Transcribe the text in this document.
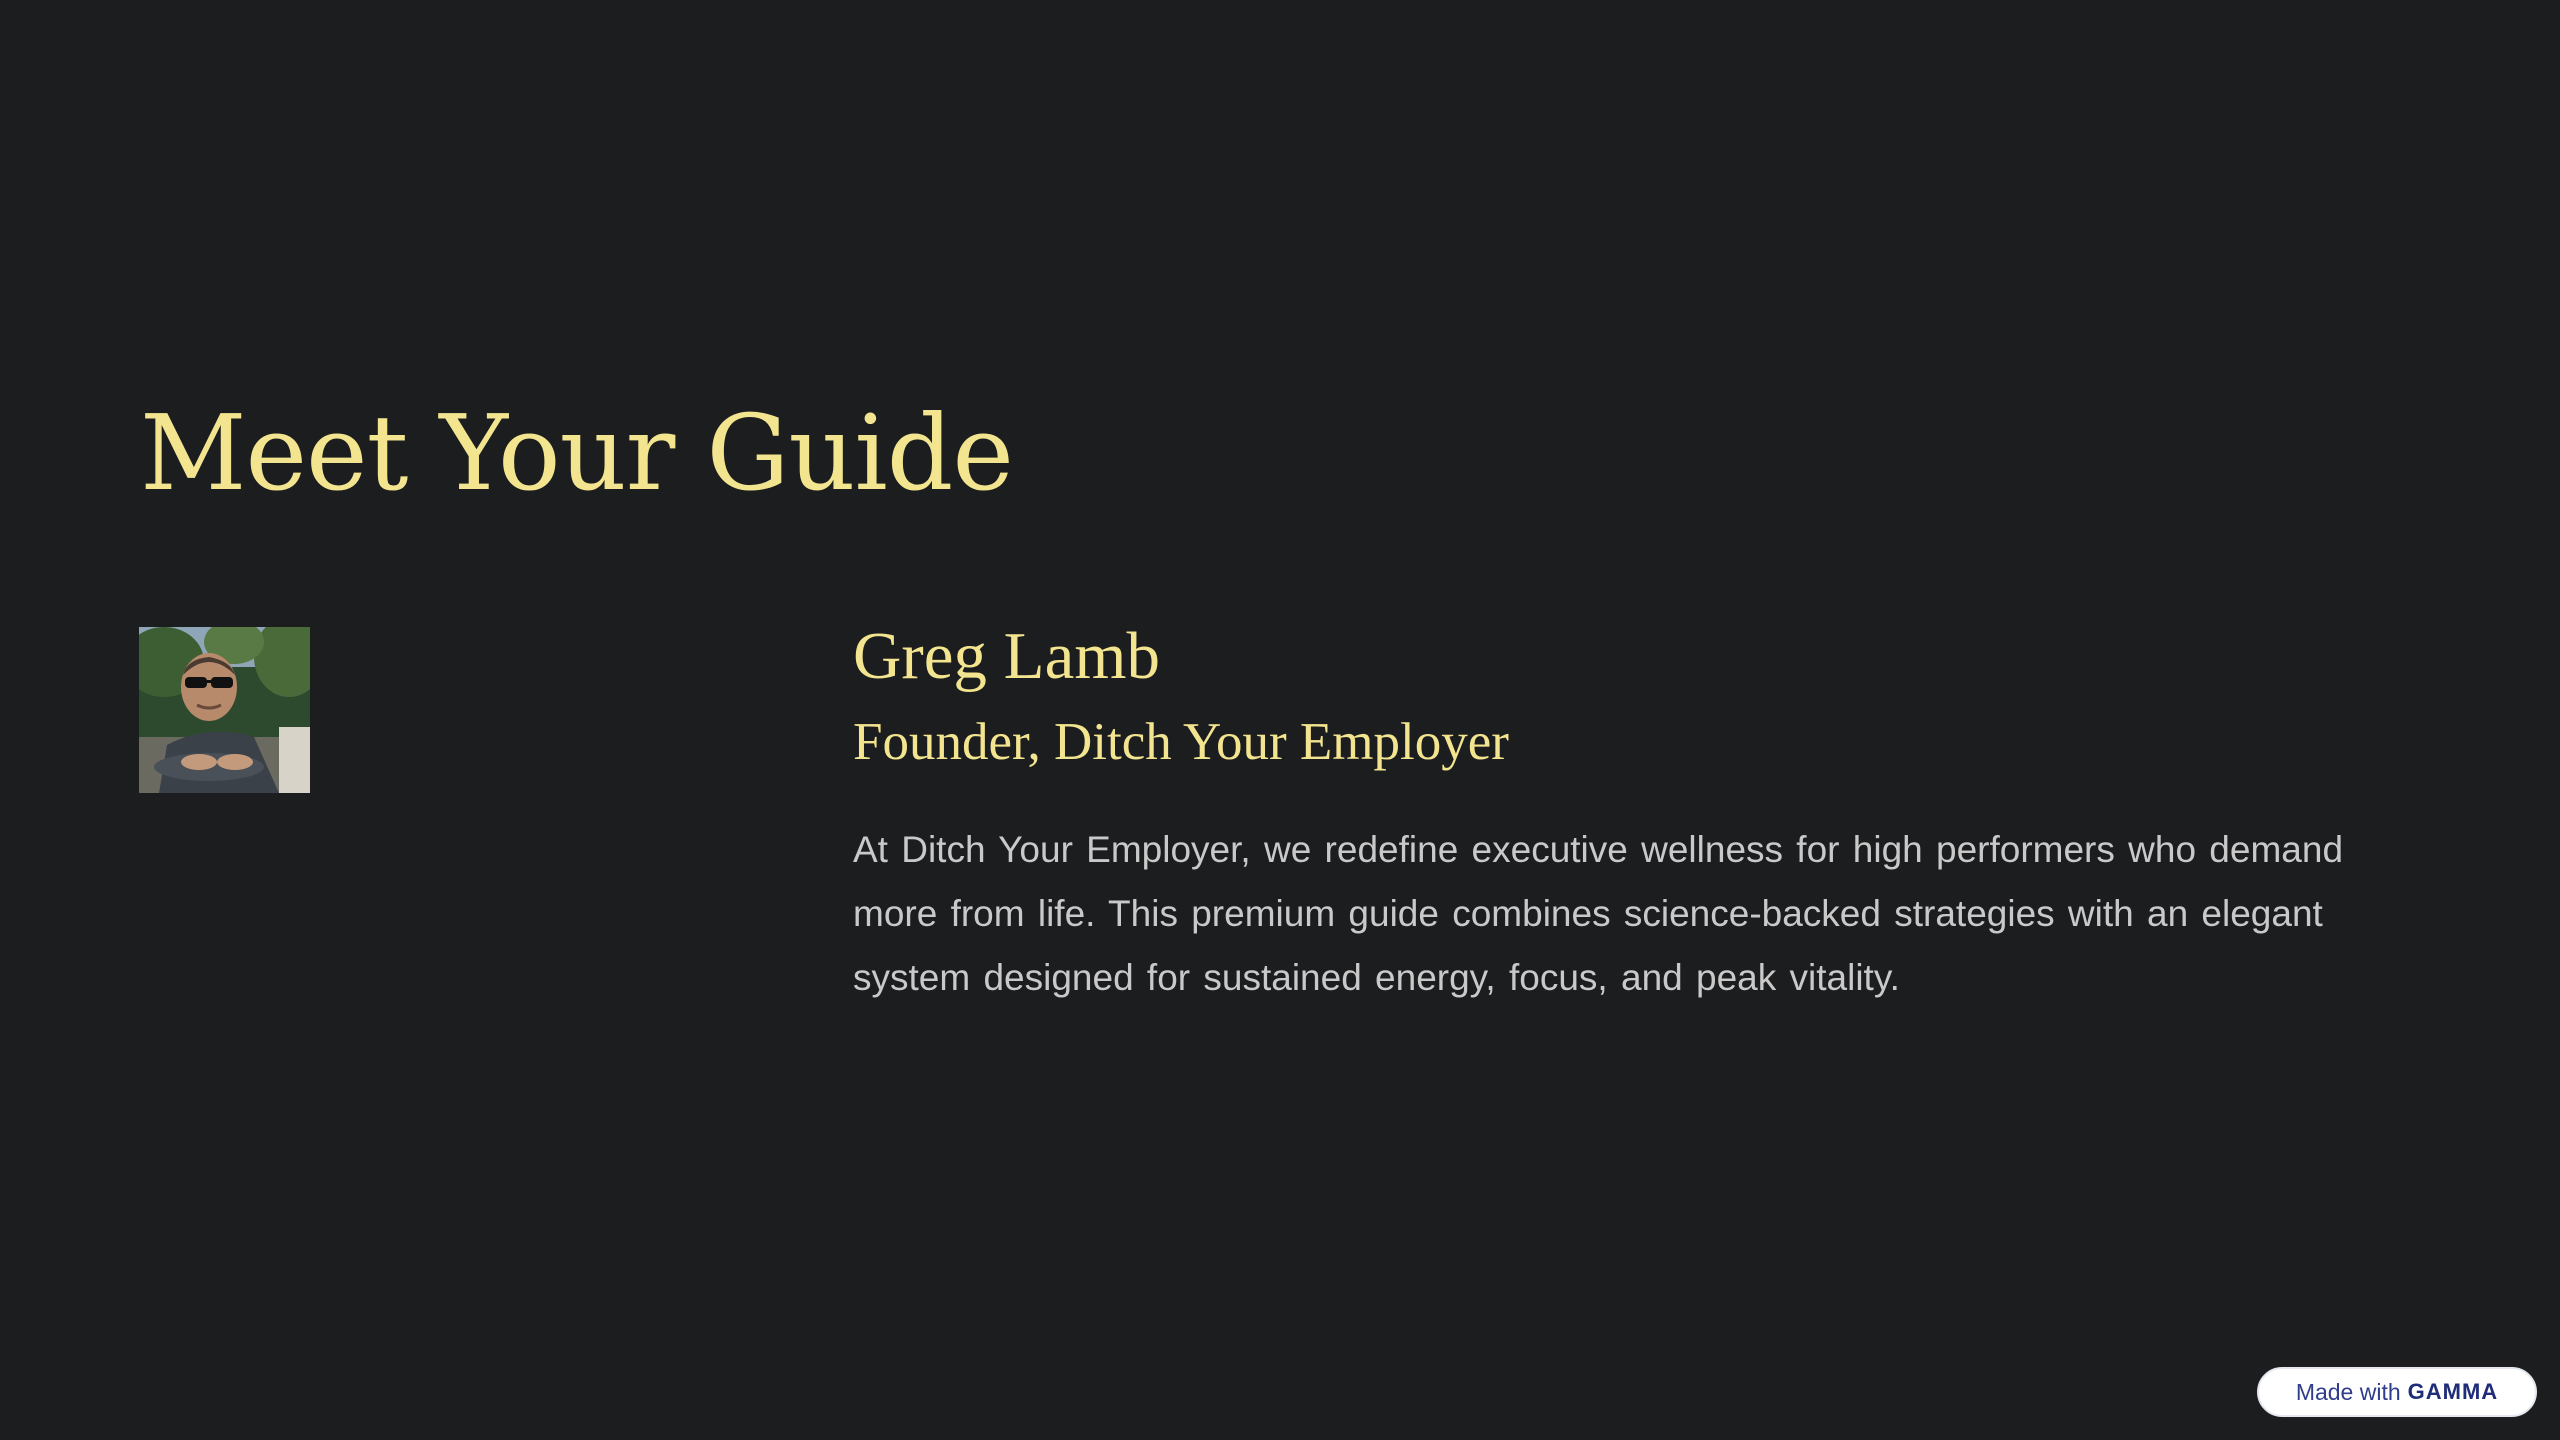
Meet Your Guide
Greg Lamb
Founder, Ditch Your Employer

At Ditch Your Employer, we redefine executive wellness for high performers who demand more from life. This premium guide combines science-backed strategies with an elegant system designed for sustained energy, focus, and peak vitality.

Made with GAMMA
